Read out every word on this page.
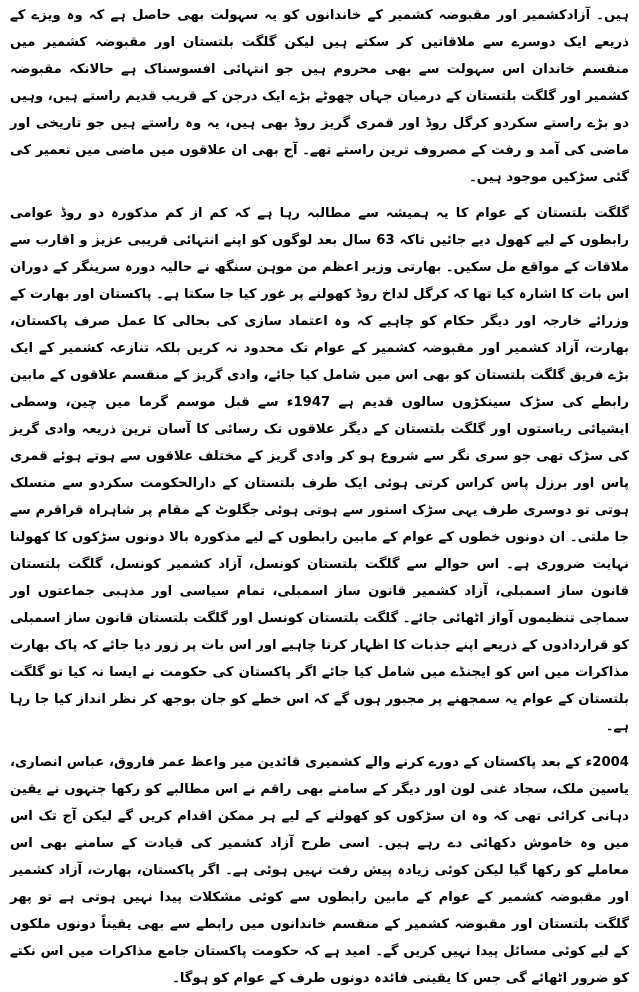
ہیں۔ آزادکشمیر اور مقبوضہ کشمیر کے خاندانوں کو یہ سہولت بھی حاصل ہے کہ وہ ویزے کے ذریعے ایک دوسرے سے ملاقاتیں کر سکتے ہیں لیکن گلگت بلتستان اور مقبوضہ کشمیر میں منقسم خاندان اس سہولت سے بھی محروم ہیں جو انتہائی افسوسناک ہے حالانکہ مقبوضہ کشمیر اور گلگت بلتستان کے درمیان جہاں چھوٹے بڑے ایک درجن کے قریب قدیم راستے ہیں، وہیں دو بڑے راستے سکردو کرگل روڈ اور قمری گریز روڈ بھی ہیں، یہ وہ راستے ہیں جو تاریخی اور ماضی کی آمد و رفت کے مصروف ترین راستے تھے۔ آج بھی ان علاقوں میں ماضی میں تعمیر کی گئی سڑکیں موجود ہیں۔

گلگت بلتستان کے عوام کا یہ ہمیشہ سے مطالبہ رہا ہے کہ کم از کم مذکورہ دو روڈ عوامی رابطوں کے لیے کھول دیے جائیں تاکہ 63 سال بعد لوگوں کو اپنے انتہائی قریبی عزیز و اقارب سے ملاقات کے مواقع مل سکیں۔ بھارتی وزیر اعظم من موہن سنگھ نے حالیہ دورہ سرینگر کے دوران اس بات کا اشارہ کیا تھا کہ کرگل لداخ روڈ کھولنے پر غور کیا جا سکتا ہے۔ پاکستان اور بھارت کے وزرائے خارجہ اور دیگر حکام کو چاہیے کہ وہ اعتماد سازی کی بحالی کا عمل صرف پاکستان، بھارت، آزاد کشمیر اور مقبوضہ کشمیر کے عوام تک محدود نہ کریں بلکہ تنازعہ کشمیر کے ایک بڑے فریق گلگت بلتستان کو بھی اس میں شامل کیا جائے، وادی گریز کے منقسم علاقوں کے مابین رابطے کی سڑک سینکڑوں سالوں قدیم ہے 1947ء سے قبل موسم گرما میں چین، وسطی ایشیائی ریاستوں اور گلگت بلتستان کے دیگر علاقوں تک رسائی کا آسان ترین ذریعہ وادی گریز کی سڑک تھی جو سری نگر سے شروع ہو کر وادی گریز کے مختلف علاقوں سے ہوتے ہوئے قمری پاس اور برزل پاس کراس کرتی ہوئی ایک طرف بلتستان کے دارالحکومت سکردو سے منسلک ہوتی تو دوسری طرف یہی سڑک استور سے ہوتی ہوئی جگلوٹ کے مقام پر شاہراہ قراقرم سے جا ملتی۔ ان دونوں خطوں کے عوام کے مابین رابطوں کے لیے مذکورہ بالا دونوں سڑکوں کا کھولنا نہایت ضروری ہے۔ اس حوالے سے گلگت بلتستان کونسل، آزاد کشمیر کونسل، گلگت بلتستان قانون ساز اسمبلی، آزاد کشمیر قانون ساز اسمبلی، تمام سیاسی اور مذہبی جماعتوں اور سماجی تنظیموں آواز اٹھائی جائے۔ گلگت بلتستان کونسل اور گلگت بلتستان قانون ساز اسمبلی کو قراردادوں کے ذریعے اپنے جذبات کا اظہار کرنا چاہیے اور اس بات پر زور دیا جائے کہ پاک بھارت مذاکرات میں اس کو ایجنڈے میں شامل کیا جائے اگر پاکستان کی حکومت نے ایسا نہ کیا تو گلگت بلتستان کے عوام یہ سمجھنے پر مجبور ہوں گے کہ اس خطے کو جان بوجھ کر نظر انداز کیا جا رہا ہے۔

2004ء کے بعد پاکستان کے دورے کرنے والے کشمیری قائدین میر واعظ عمر فاروق، عباس انصاری، یاسین ملک، سجاد غنی لون اور دیگر کے سامنے بھی راقم نے اس مطالبے کو رکھا جنہوں نے یقین دہانی کرائی تھی کہ وہ ان سڑکوں کو کھولنے کے لیے ہر ممکن اقدام کریں گے لیکن آج تک اس میں وہ خاموش دکھائی دے رہے ہیں۔ اسی طرح آزاد کشمیر کی قیادت کے سامنے بھی اس معاملے کو رکھا گیا لیکن کوئی زیادہ پیش رفت نہیں ہوئی ہے۔ اگر پاکستان، بھارت، آزاد کشمیر اور مقبوضہ کشمیر کے عوام کے مابین رابطوں سے کوئی مشکلات پیدا نہیں ہوتی ہے تو پھر گلگت بلتستان اور مقبوضہ کشمیر کے منقسم خاندانوں میں رابطے سے بھی یقیناً دونوں ملکوں کے لیے کوئی مسائل پیدا نہیں کریں گے۔ امید ہے کہ حکومت پاکستان جامع مذاکرات میں اس نکتے کو ضرور اٹھائے گی جس کا یقینی فائدہ دونوں طرف کے عوام کو ہوگا۔
